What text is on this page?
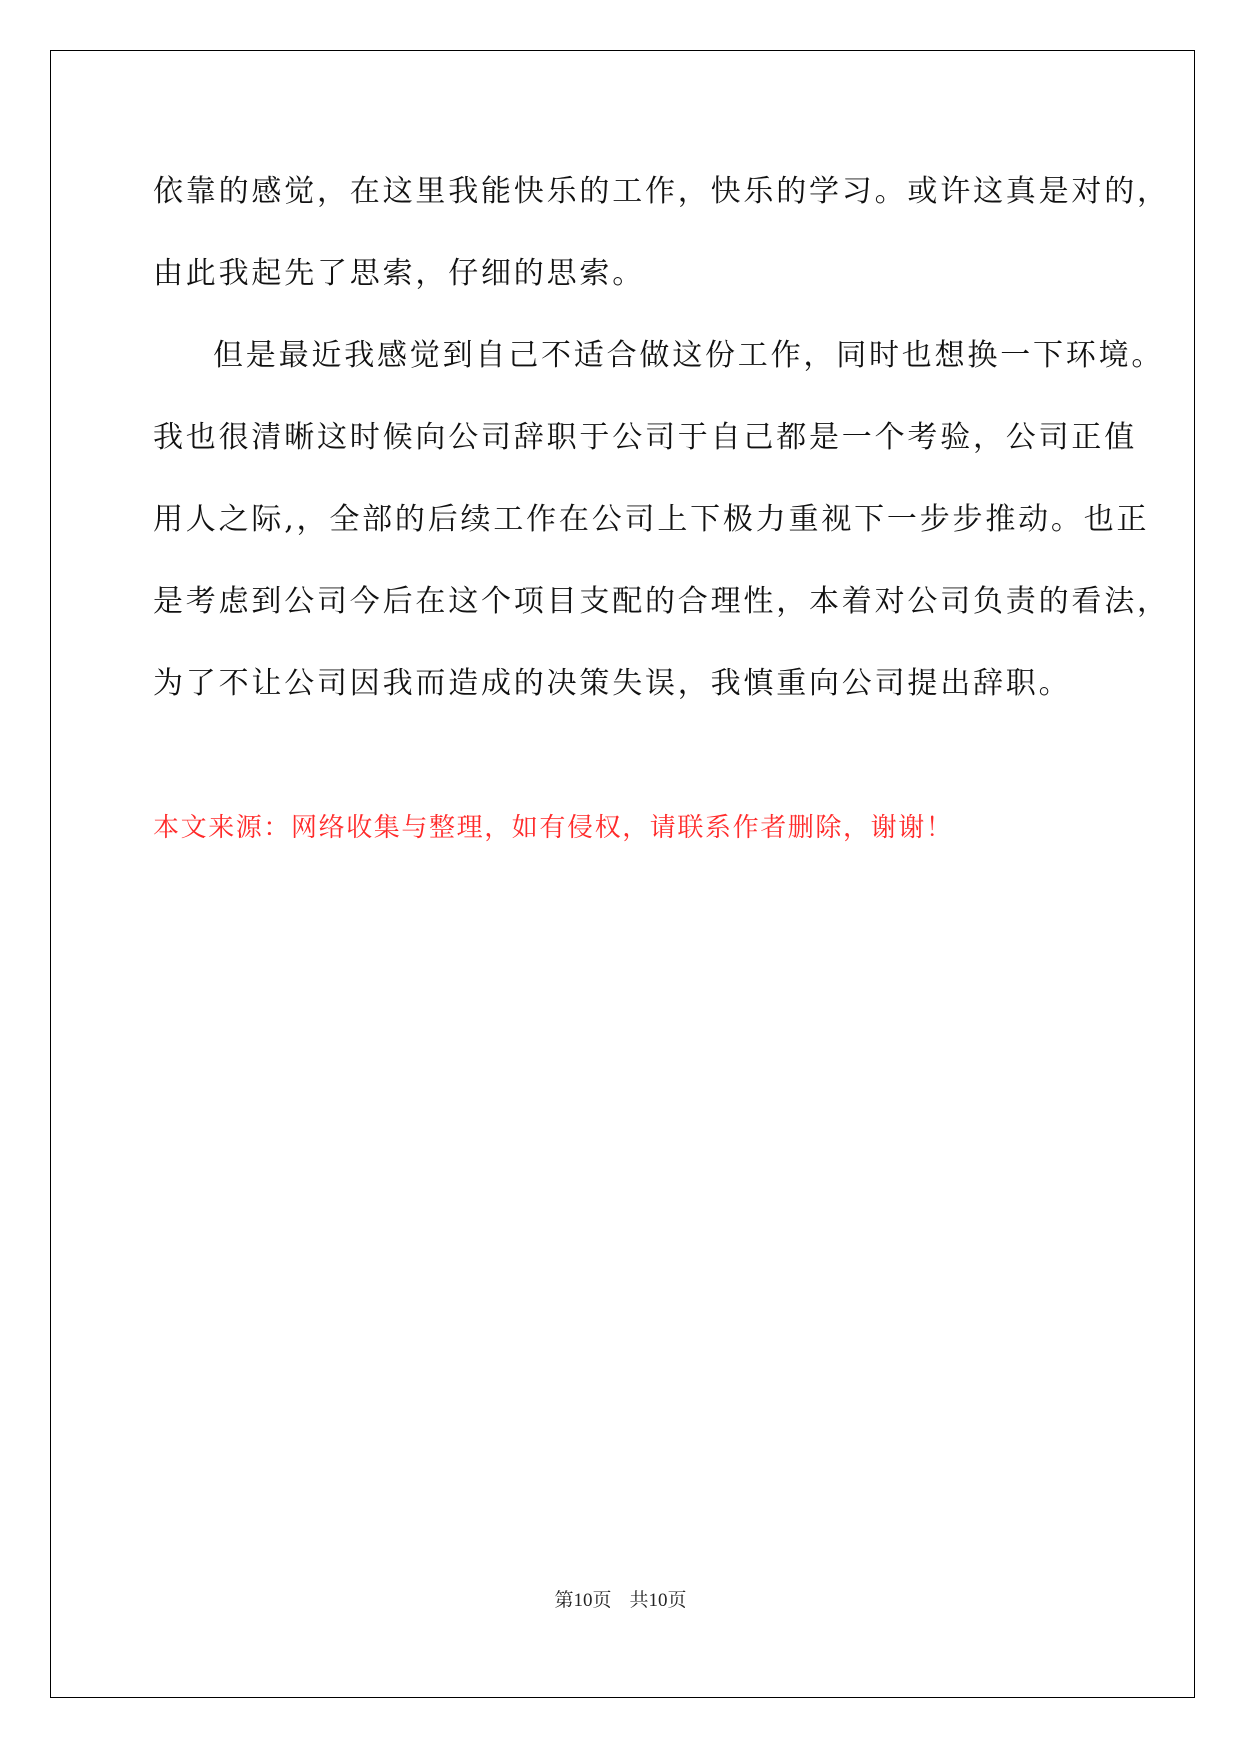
依靠的感觉，在这里我能快乐的工作，快乐的学习。或许这真是对的，
由此我起先了思索，仔细的思索。
但是最近我感觉到自己不适合做这份工作，同时也想换一下环境。
我也很清晰这时候向公司辞职于公司于自己都是一个考验，公司正值
用人之际,，全部的后续工作在公司上下极力重视下一步步推动。也正
是考虑到公司今后在这个项目支配的合理性，本着对公司负责的看法，
为了不让公司因我而造成的决策失误，我慎重向公司提出辞职。
本文来源：网络收集与整理，如有侵权，请联系作者删除，谢谢！
第10页 共10页
